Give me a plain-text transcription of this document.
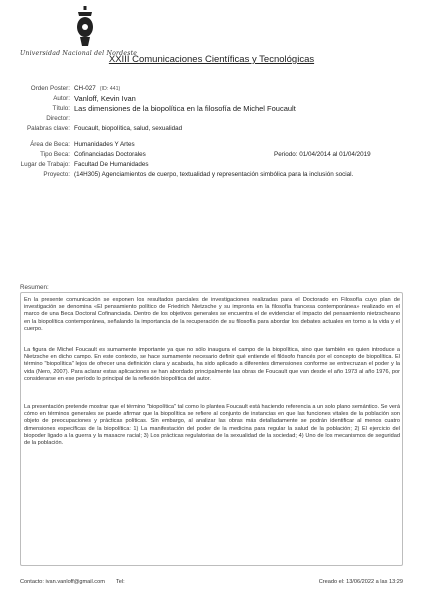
Universidad Nacional del Nordeste
XXIII Comunicaciones Científicas y Tecnológicas
Orden Poster: CH-027 (ID: 441)
Autor: Vanloff, Kevin Ivan
Título: Las dimensiones de la biopolítica en la filosofía de Michel Foucault
Director:
Palabras clave: Foucault, biopolítica, salud, sexualidad
Área de Beca: Humanidades Y Artes
Tipo Beca: Cofinanciadas Doctorales	Periodo: 01/04/2014 al 01/04/2019
Lugar de Trabajo: Facultad De Humanidades
Proyecto: (14H305) Agenciamientos de cuerpo, textualidad y representación simbólica para la inclusión social.
Resumen:
En la presente comunicación se exponen los resultados parciales de investigaciones realizadas para el Doctorado en Filosofía cuyo plan de investigación se denomina «El pensamiento político de Friedrich Nietzsche y su impronta en la filosofía francesa contemporánea» realizado en el marco de una Beca Doctoral Cofinanciada. Dentro de los objetivos generales se encuentra el de evidenciar el impacto del pensamiento nietzscheano en la biopolítica contemporánea, señalando la importancia de la recuperación de su filosofía para abordar los debates actuales en torno a la vida y el cuerpo.
La figura de Michel Foucault es sumamente importante ya que no sólo inaugura el campo de la biopolítica, sino que también es quien introduce a Nietzsche en dicho campo. En este contexto, se hace sumamente necesario definir qué entiende el filósofo francés por el concepto de biopolítica. El término "biopolítica" lejos de ofrecer una definición clara y acabada, ha sido aplicado a diferentes dimensiones conforme se entrecruzan el poder y la vida (Nero, 2007). Para aclarar estas aplicaciones se han abordado principalmente las obras de Foucault que van desde el año 1973 al año 1976, por considerarse en ese período lo principal de la reflexión biopolítica del autor.
La presentación pretende mostrar que el término "biopolítica" tal como lo plantea Foucault está haciendo referencia a un solo plano semántico. Se verá cómo en términos generales se puede afirmar que la biopolítica se refiere al conjunto de instancias en que las funciones vitales de la población son objeto de preocupaciones y prácticas políticas. Sin embargo, al analizar las obras más detalladamente se podrán identificar al menos cuatro dimensiones específicas de la biopolítica: 1) La manifestación del poder de la medicina para regular la salud de la población; 2) El ejercicio del biopoder ligado a la guerra y la masacre racial; 3) Los prácticas regulatorias de la sexualidad de la sociedad; 4) Uno de los mecanismos de seguridad de la población.
Contacto: ivan.vanloff@gmail.com Tel:	Creado el: 13/06/2022 a las 13:29
